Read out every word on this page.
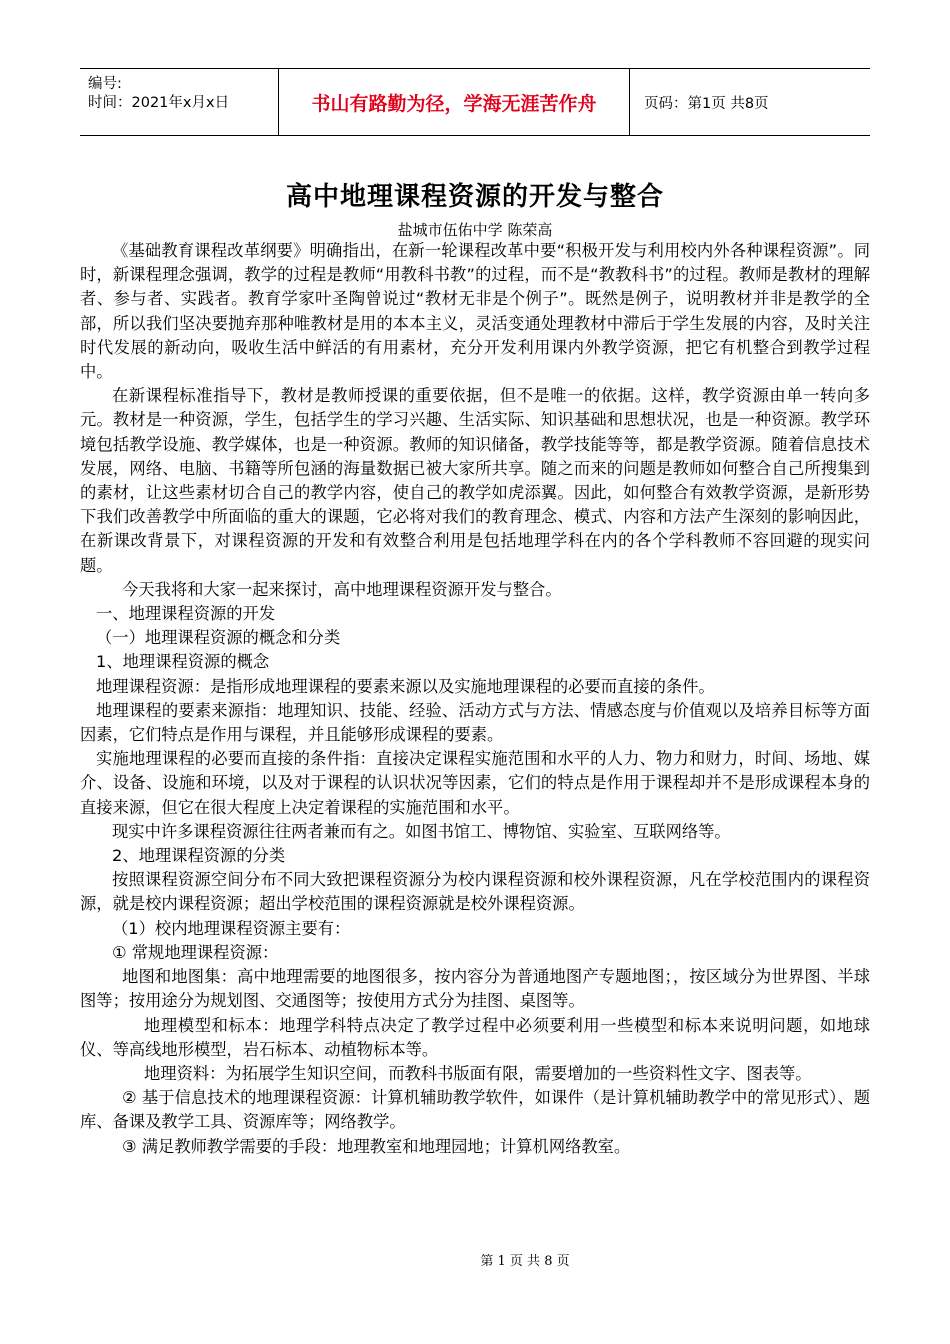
编号:
时间：2021年x月x日	书山有路勤为径，学海无涯苦作舟	页码：第1页 共8页
高中地理课程资源的开发与整合
盐城市伍佑中学 陈荣高

《基础教育课程改革纲要》明确指出，在新一轮课程改革中要“积极开发与利用校内外各种课程资源”。同时，新课程理念强调，教学的过程是教师“用教科书教”的过程，而不是“教教科书”的过程。教师是教材的理解者、参与者、实践者。教育学家叶圣陶曾说过“教材无非是个例子”。既然是例子，说明教材并非是教学的全部，所以我们坚决要抛弃那种唯教材是用的本本主义，灵活变通处理教材中滞后于学生发展的内容，及时关注时代发展的新动向，吸收生活中鲜活的有用素材，充分开发利用课内外教学资源，把它有机整合到教学过程中。

在新课程标准指导下，教材是教师授课的重要依据，但不是唯一的依据。这样，教学资源由单一转向多元。教材是一种资源，学生，包括学生的学习兴趣、生活实际、知识基础和思想状况，也是一种资源。教学环境包括教学设施、教学媒体，也是一种资源。教师的知识储备，教学技能等等，都是教学资源。随着信息技术发展，网络、电脑、书籍等所包涵的海量数据已被大家所共享。随之而来的问题是教师如何整合自己所搜集到的素材，让这些素材切合自己的教学内容，使自己的教学如虎添翼。因此，如何整合有效教学资源，是新形势下我们改善教学中所面临的重大的课题，它必将对我们的教育理念、模式、内容和方法产生深刻的影响因此，在新课改背景下，对课程资源的开发和有效整合利用是包括地理学科在内的各个学科教师不容回避的现实问题。

今天我将和大家一起来探讨，高中地理课程资源开发与整合。

一、地理课程资源的开发

（一）地理课程资源的概念和分类

1、地理课程资源的概念

地理课程资源：是指形成地理课程的要素来源以及实施地理课程的必要而直接的条件。

地理课程的要素来源指：地理知识、技能、经验、活动方式与方法、情感态度与价值观以及培养目标等方面因素，它们特点是作用与课程，并且能够形成课程的要素。

实施地理课程的必要而直接的条件指：直接决定课程实施范围和水平的人力、物力和财力，时间、场地、媒介、设备、设施和环境，以及对于课程的认识状况等因素，它们的特点是作用于课程却并不是形成课程本身的直接来源，但它在很大程度上决定着课程的实施范围和水平。

现实中许多课程资源往往两者兼而有之。如图书馆工、博物馆、实验室、互联网络等。

2、地理课程资源的分类

按照课程资源空间分布不同大致把课程资源分为校内课程资源和校外课程资源，凡在学校范围内的课程资源，就是校内课程资源；超出学校范围的课程资源就是校外课程资源。

（1）校内地理课程资源主要有：

① 常规地理课程资源：

地图和地图集：高中地理需要的地图很多，按内容分为普通地图产专题地图；，按区域分为世界图、半球图等；按用途分为规划图、交通图等；按使用方式分为挂图、桌图等。

地理模型和标本：地理学科特点决定了教学过程中必须要利用一些模型和标本来说明问题，如地球仪、等高线地形模型，岩石标本、动植物标本等。

地理资料：为拓展学生知识空间，而教科书版面有限，需要增加的一些资料性文字、图表等。

② 基于信息技术的地理课程资源：计算机辅助教学软件，如课件（是计算机辅助教学中的常见形式）、题库、备课及教学工具、资源库等；网络教学。

③ 满足教师教学需要的手段：地理教室和地理园地；计算机网络教室。

第 1 页 共 8 页
